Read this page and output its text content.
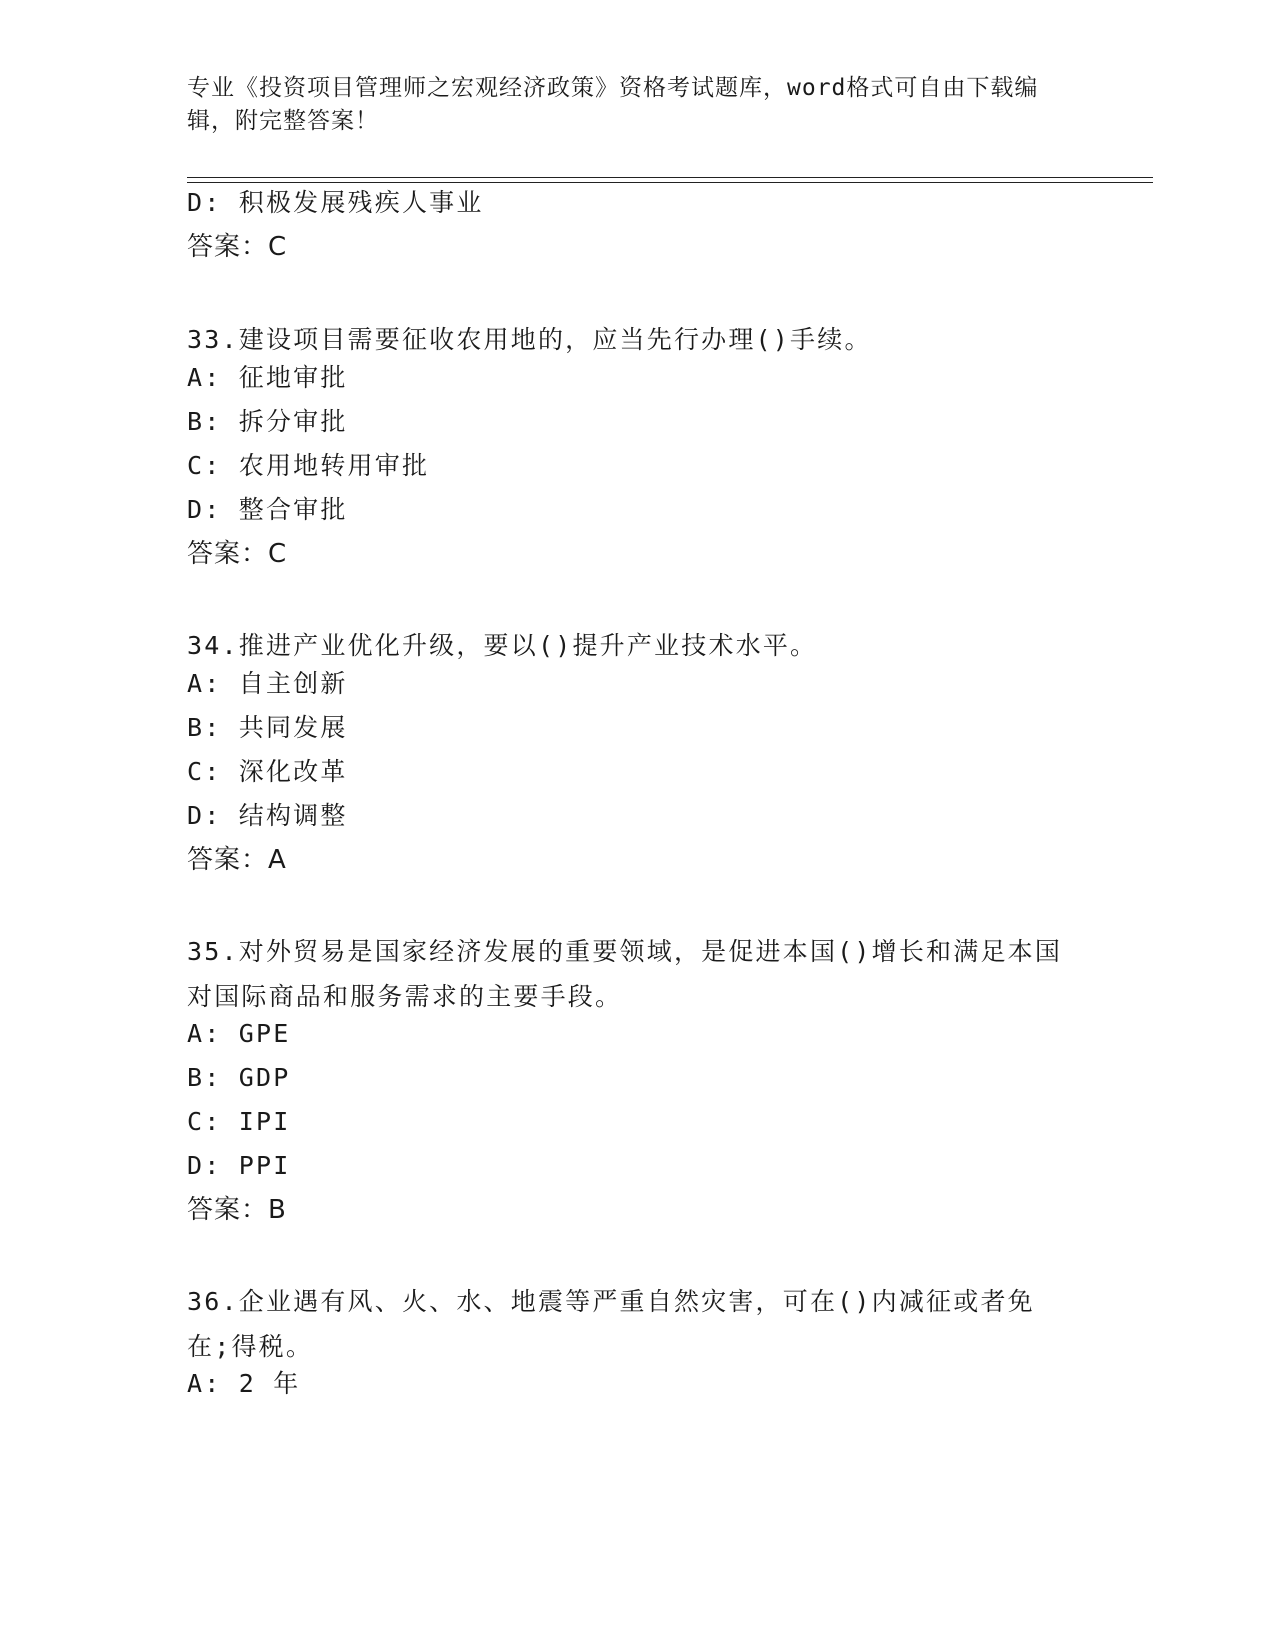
专业《投资项目管理师之宏观经济政策》资格考试题库，word格式可自由下载编辑，附完整答案！
D: 积极发展残疾人事业
答案：C
33.建设项目需要征收农用地的，应当先行办理()手续。
A: 征地审批
B: 拆分审批
C: 农用地转用审批
D: 整合审批
答案：C
34.推进产业优化升级，要以()提升产业技术水平。
A: 自主创新
B: 共同发展
C: 深化改革
D: 结构调整
答案：A
35.对外贸易是国家经济发展的重要领域，是促进本国()增长和满足本国对国际商品和服务需求的主要手段。
A: GPE
B: GDP
C: IPI
D: PPI
答案：B
36.企业遇有风、火、水、地震等严重自然灾害，可在()内减征或者免在;得税。
A: 2 年
